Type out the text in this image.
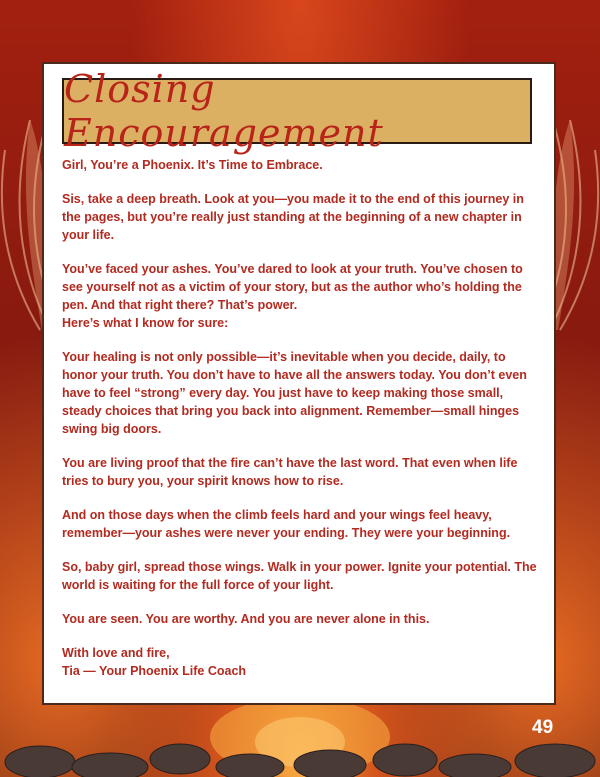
Closing Encouragement

Girl, You’re a Phoenix. It’s Time to Embrace.

Sis, take a deep breath. Look at you—you made it to the end of this journey in the pages, but you’re really just standing at the beginning of a new chapter in your life.

You’ve faced your ashes. You’ve dared to look at your truth. You’ve chosen to see yourself not as a victim of your story, but as the author who’s holding the pen. And that right there? That’s power.

Here’s what I know for sure:

Your healing is not only possible—it’s inevitable when you decide, daily, to honor your truth. You don’t have to have all the answers today. You don’t even have to feel “strong” every day. You just have to keep making those small, steady choices that bring you back into alignment. Remember—small hinges swing big doors.

You are living proof that the fire can’t have the last word. That even when life tries to bury you, your spirit knows how to rise.

And on those days when the climb feels hard and your wings feel heavy, remember—your ashes were never your ending. They were your beginning.

So, baby girl, spread those wings. Walk in your power. Ignite your potential. The world is waiting for the full force of your light.

You are seen. You are worthy. And you are never alone in this.

With love and fire,

Tia — Your Phoenix Life Coach

49
